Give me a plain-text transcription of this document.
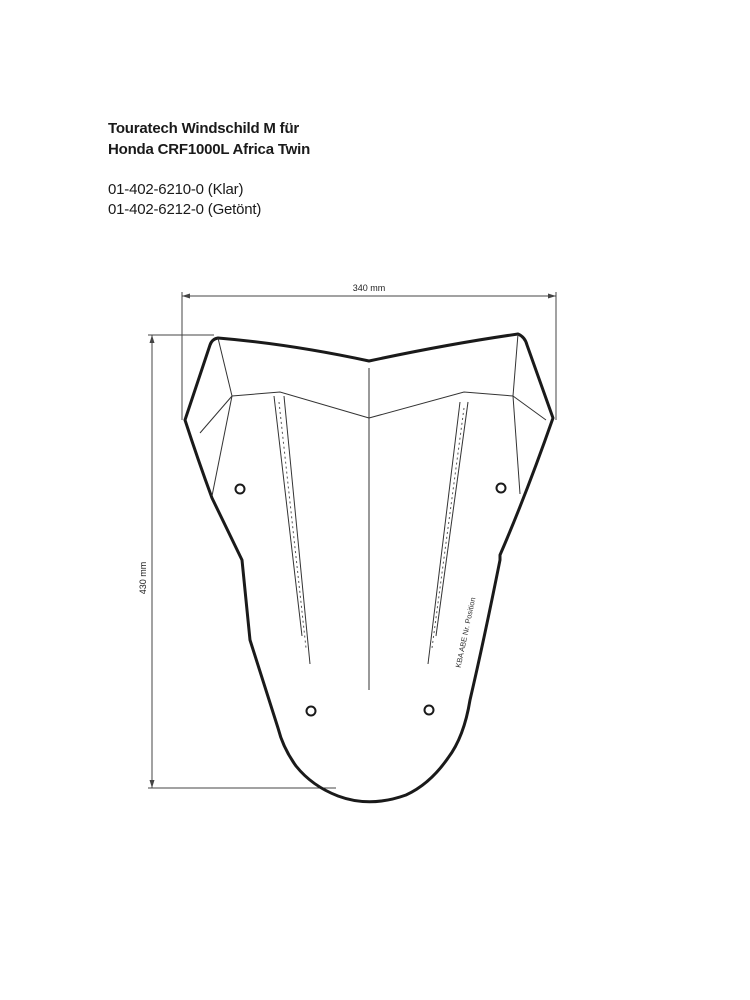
Touratech Windschild M für

Honda CRF1000L Africa Twin

01-402-6210-0 (Klar)

01-402-6212-0 (Getönt)

340 mm
430 mm
KBA ABE Nr. Position
